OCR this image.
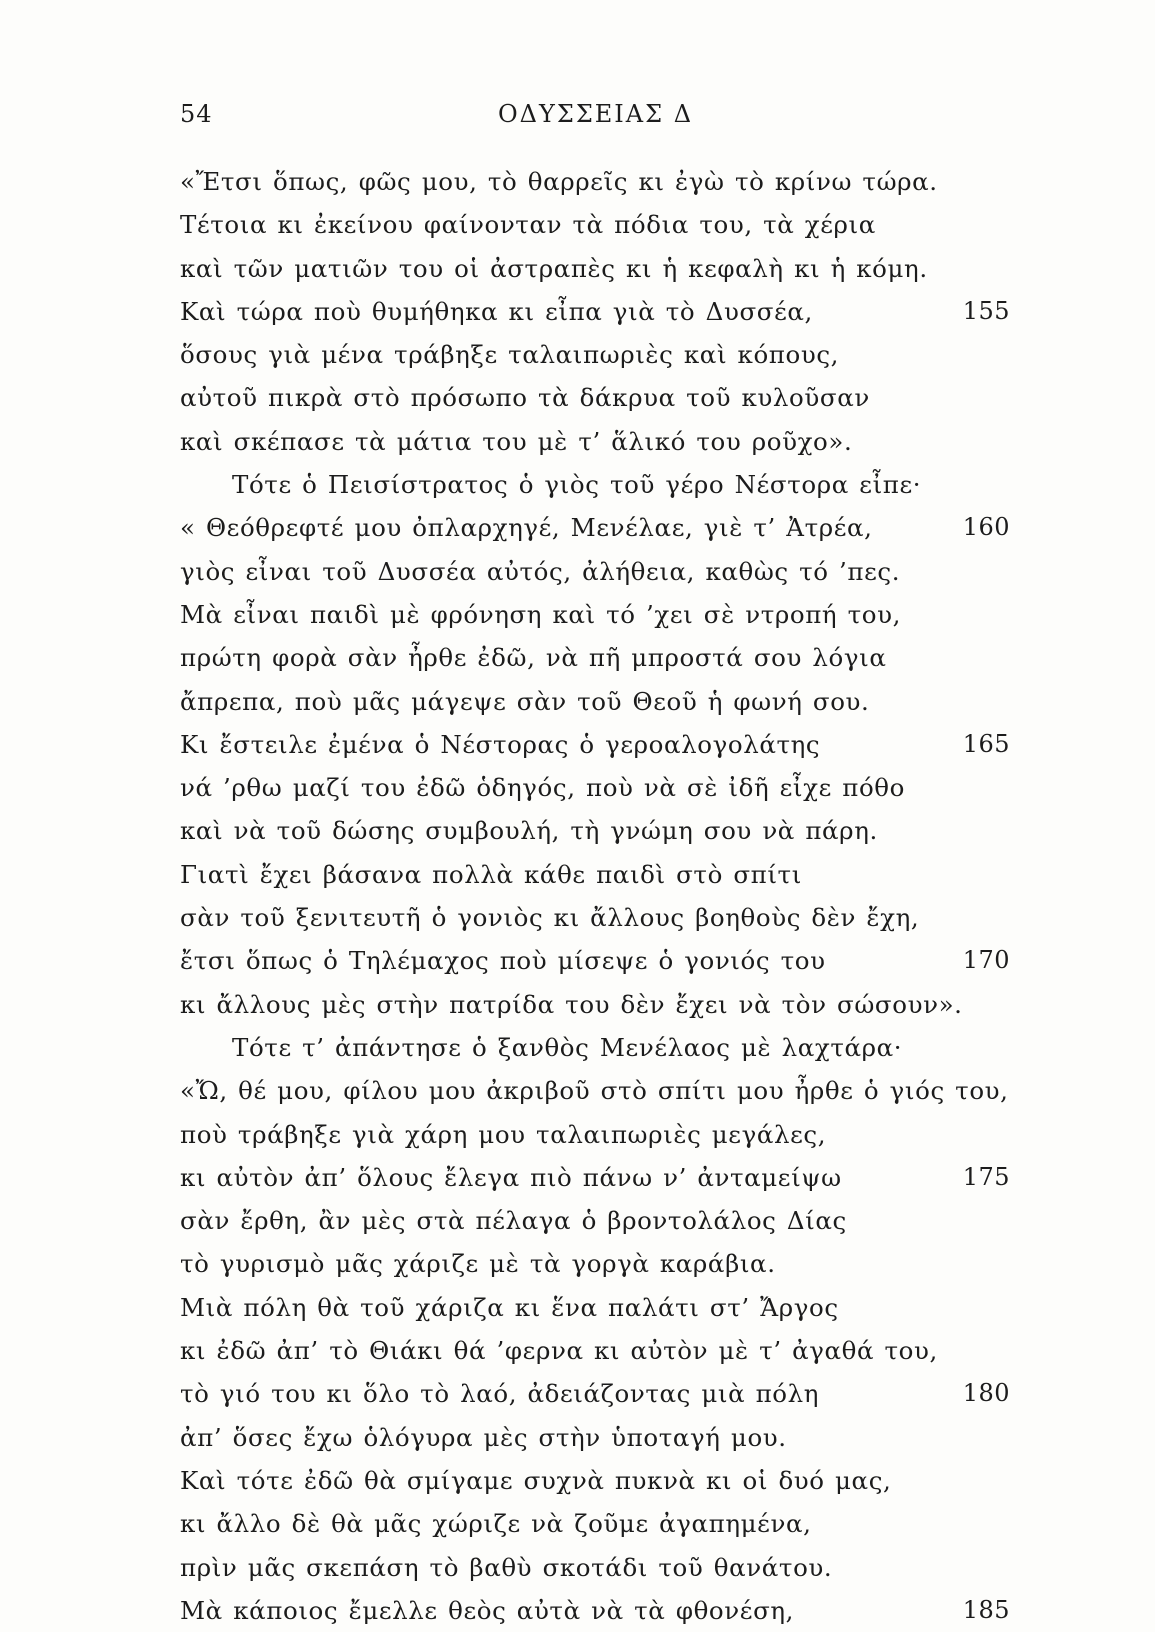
54	ΟΔΥΣΣΕΙΑΣ Δ
«Ἔτσι ὅπως, φῶς μου, τὸ θαρρεῖς κι ἐγὼ τὸ κρίνω τώρα.
Τέτοια κι ἐκείνου φαίνονταν τὰ πόδια του, τὰ χέρια
καὶ τῶν ματιῶν του οἱ ἀστραπὲς κι ἡ κεφαλὴ κι ἡ κόμη.
Καὶ τώρα ποὺ θυμήθηκα κι εἶπα γιὰ τὸ Δυσσέα,	155
ὅσους γιὰ μένα τράβηξε ταλαιπωριὲς καὶ κόπους,
αὐτοῦ πικρὰ στὸ πρόσωπο τὰ δάκρυα τοῦ κυλοῦσαν
καὶ σκέπασε τὰ μάτια του μὲ τ’ ἅλικό του ροῦχο».
Τότε ὁ Πεισίστρατος ὁ γιὸς τοῦ γέρο Νέστορα εἶπε·
« Θεόθρεφτέ μου ὀπλαρχηγέ, Μενέλαε, γιὲ τ’ Ἀτρέα,	160
γιὸς εἶναι τοῦ Δυσσέα αὐτός, ἀλήθεια, καθὼς τό ’πες.
Μὰ εἶναι παιδὶ μὲ φρόνηση καὶ τό ’χει σὲ ντροπή του,
πρώτη φορὰ σὰν ἦρθε ἐδῶ, νὰ πῆ μπροστά σου λόγια
ἄπρεπα, ποὺ μᾶς μάγεψε σὰν τοῦ Θεοῦ ἡ φωνή σου.
Κι ἔστειλε ἐμένα ὁ Νέστορας ὁ γεροαλογολάτης	165
νά ’ρθω μαζί του ἐδῶ ὁδηγός, ποὺ νὰ σὲ ἰδῆ εἶχε πόθο
καὶ νὰ τοῦ δώσης συμβουλή, τὴ γνώμη σου νὰ πάρη.
Γιατὶ ἔχει βάσανα πολλὰ κάθε παιδὶ στὸ σπίτι
σὰν τοῦ ξενιτευτῆ ὁ γονιὸς κι ἄλλους βοηθοὺς δὲν ἔχη,
ἔτσι ὅπως ὁ Τηλέμαχος ποὺ μίσεψε ὁ γονιός του	170
κι ἄλλους μὲς στὴν πατρίδα του δὲν ἔχει νὰ τὸν σώσουν».
Τότε τ’ ἀπάντησε ὁ ξανθὸς Μενέλαος μὲ λαχτάρα·
«Ὤ, θέ μου, φίλου μου ἀκριβοῦ στὸ σπίτι μου ἦρθε ὁ γιός του,
ποὺ τράβηξε γιὰ χάρη μου ταλαιπωριὲς μεγάλες,
κι αὐτὸν ἀπ’ ὅλους ἔλεγα πιὸ πάνω ν’ ἀνταμείψω	175
σὰν ἔρθη, ἂν μὲς στὰ πέλαγα ὁ βροντολάλος Δίας
τὸ γυρισμὸ μᾶς χάριζε μὲ τὰ γοργὰ καράβια.
Μιὰ πόλη θὰ τοῦ χάριζα κι ἕνα παλάτι στ’ Ἄργος
κι ἐδῶ ἀπ’ τὸ Θιάκι θά ’φερνα κι αὐτὸν μὲ τ’ ἀγαθά του,
τὸ γιό του κι ὅλο τὸ λαό, ἀδειάζοντας μιὰ πόλη	180
ἀπ’ ὅσες ἔχω ὁλόγυρα μὲς στὴν ὑποταγή μου.
Καὶ τότε ἐδῶ θὰ σμίγαμε συχνὰ πυκνὰ κι οἱ δυό μας,
κι ἄλλο δὲ θὰ μᾶς χώριζε νὰ ζοῦμε ἀγαπημένα,
πρὶν μᾶς σκεπάση τὸ βαθὺ σκοτάδι τοῦ θανάτου.
Μὰ κάποιος ἔμελλε θεὸς αὐτὰ νὰ τὰ φθονέση,	185
